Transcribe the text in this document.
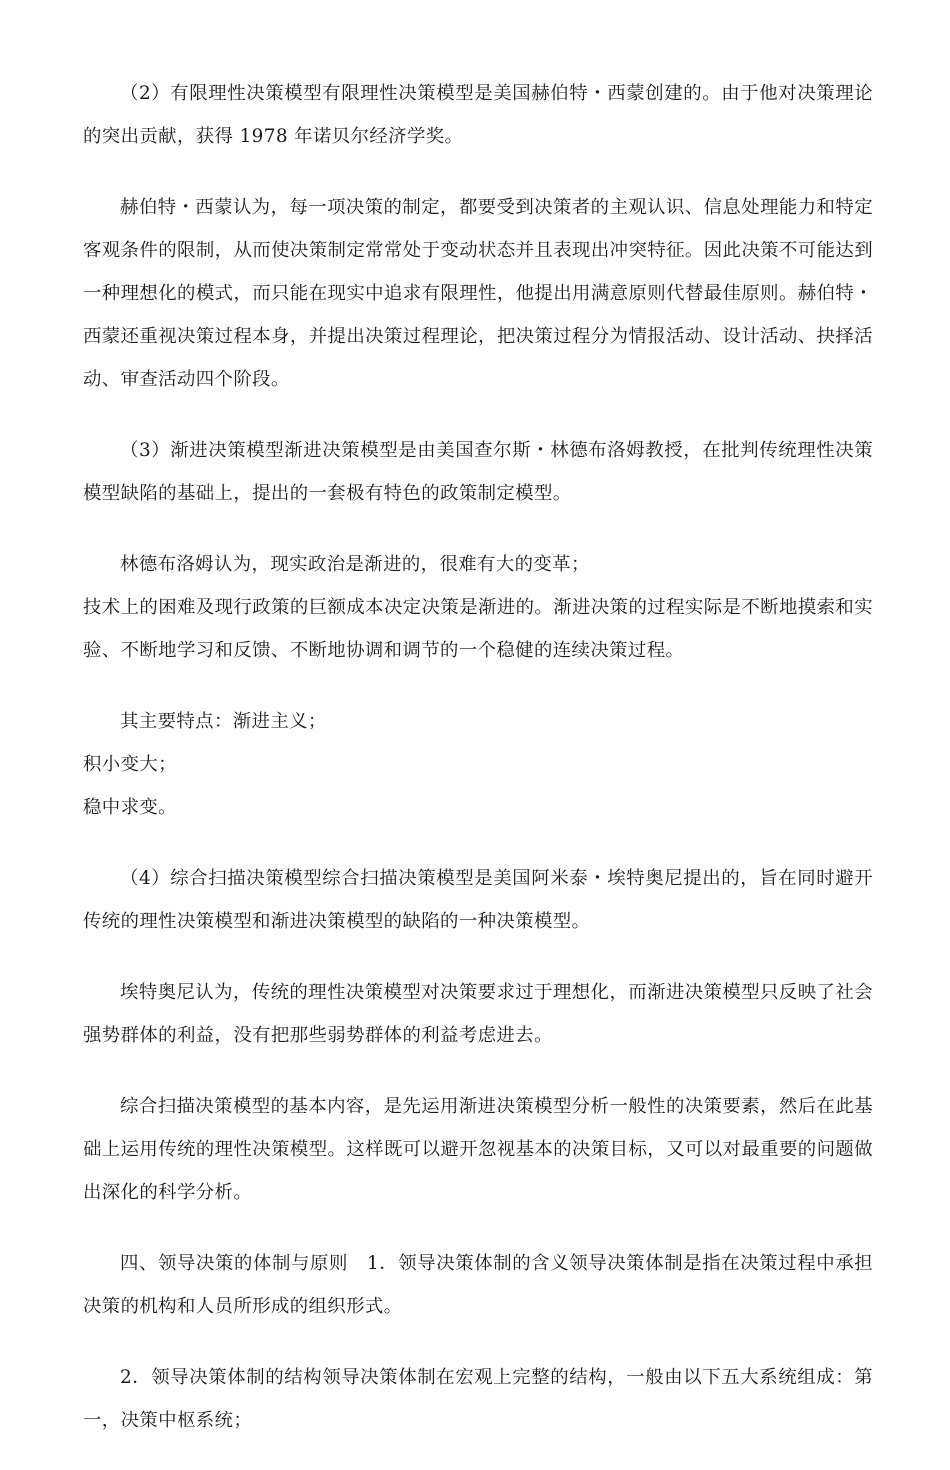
（2）有限理性决策模型有限理性决策模型是美国赫伯特・西蒙创建的。由于他对决策理论的突出贡献，获得 1978 年诺贝尔经济学奖。

赫伯特・西蒙认为，每一项决策的制定，都要受到决策者的主观认识、信息处理能力和特定客观条件的限制，从而使决策制定常常处于变动状态并且表现出冲突特征。因此决策不可能达到一种理想化的模式，而只能在现实中追求有限理性，他提出用满意原则代替最佳原则。赫伯特・西蒙还重视决策过程本身，并提出决策过程理论，把决策过程分为情报活动、设计活动、抉择活动、审查活动四个阶段。

（3）渐进决策模型渐进决策模型是由美国查尔斯・林德布洛姆教授，在批判传统理性决策模型缺陷的基础上，提出的一套极有特色的政策制定模型。

林德布洛姆认为，现实政治是渐进的，很难有大的变革；

技术上的困难及现行政策的巨额成本决定决策是渐进的。渐进决策的过程实际是不断地摸索和实验、不断地学习和反馈、不断地协调和调节的一个稳健的连续决策过程。

其主要特点：渐进主义；

积小变大；

稳中求变。

（4）综合扫描决策模型综合扫描决策模型是美国阿米泰・埃特奥尼提出的，旨在同时避开传统的理性决策模型和渐进决策模型的缺陷的一种决策模型。

埃特奥尼认为，传统的理性决策模型对决策要求过于理想化，而渐进决策模型只反映了社会强势群体的利益，没有把那些弱势群体的利益考虑进去。

综合扫描决策模型的基本内容，是先运用渐进决策模型分析一般性的决策要素，然后在此基础上运用传统的理性决策模型。这样既可以避开忽视基本的决策目标，又可以对最重要的问题做出深化的科学分析。

四、领导决策的体制与原则　1．领导决策体制的含义领导决策体制是指在决策过程中承担决策的机构和人员所形成的组织形式。

2．领导决策体制的结构领导决策体制在宏观上完整的结构，一般由以下五大系统组成：第一，决策中枢系统；
